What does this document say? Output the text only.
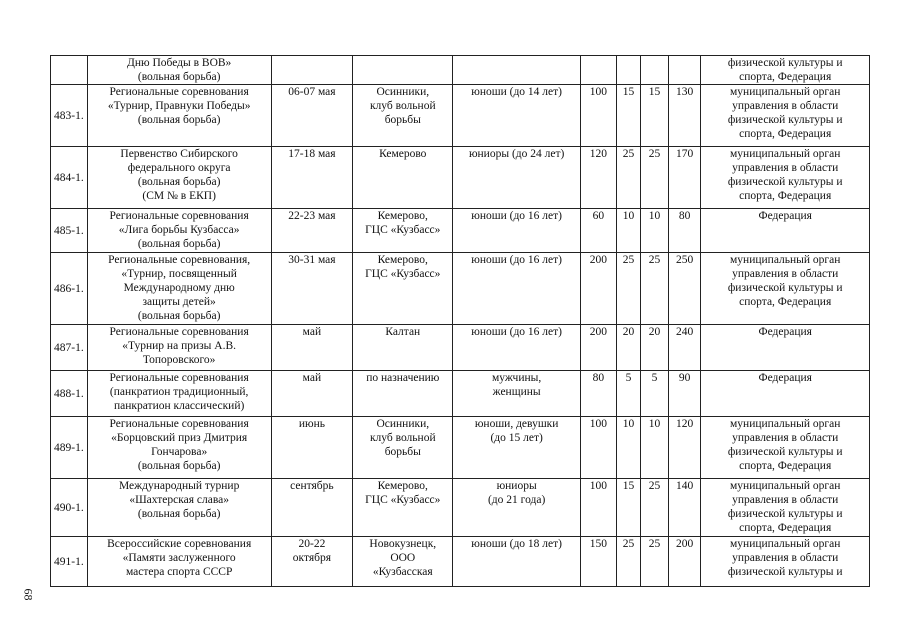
	Дню Победы в ВОВ»
(вольная борьба)								физической культуры и
спорта, Федерация

483-1.	Региональные соревнования
«Турнир, Правнуки Победы»
(вольная борьба)	06-07 мая	Осинники,
клуб вольной
борьбы	юноши (до 14 лет)	100	15	15	130	муниципальный орган
управления в области
физической культуры и
спорта, Федерация

484-1.	Первенство Сибирского
федерального округа
(вольная борьба)
(СМ № в ЕКП)	17-18 мая	Кемерово	юниоры (до 24 лет)	120	25	25	170	муниципальный орган
управления в области
физической культуры и
спорта, Федерация

485-1.	Региональные соревнования
«Лига борьбы Кузбасса»
(вольная борьба)	22-23 мая	Кемерово,
ГЦС «Кузбасс»	юноши (до 16 лет)	60	10	10	80	Федерация

486-1.	Региональные соревнования,
«Турнир, посвященный
Международному дню
защиты детей»
(вольная борьба)	30-31 мая	Кемерово,
ГЦС «Кузбасс»	юноши (до 16 лет)	200	25	25	250	муниципальный орган
управления в области
физической культуры и
спорта, Федерация

487-1.	Региональные соревнования
«Турнир на призы А.В.
Топоровского»	май	Калтан	юноши (до 16 лет)	200	20	20	240	Федерация

488-1.	Региональные соревнования
(панкратион традиционный,
панкратион классический)	май	по назначению	мужчины,
женщины	80	5	5	90	Федерация

489-1.	Региональные соревнования
«Борцовский приз Дмитрия
Гончарова»
(вольная борьба)	июнь	Осинники,
клуб вольной
борьбы	юноши, девушки
(до 15 лет)	100	10	10	120	муниципальный орган
управления в области
физической культуры и
спорта, Федерация

490-1.	Международный турнир
«Шахтерская слава»
(вольная борьба)	сентябрь	Кемерово,
ГЦС «Кузбасс»	юниоры
(до 21 года)	100	15	25	140	муниципальный орган
управления в области
физической культуры и
спорта, Федерация

491-1.	Всероссийские соревнования
«Памяти заслуженного
мастера спорта СССР	20-22
октября	Новокузнецк,
ООО
«Кузбасская	юноши (до 18 лет)	150	25	25	200	муниципальный орган
управления в области
физической культуры и
68
